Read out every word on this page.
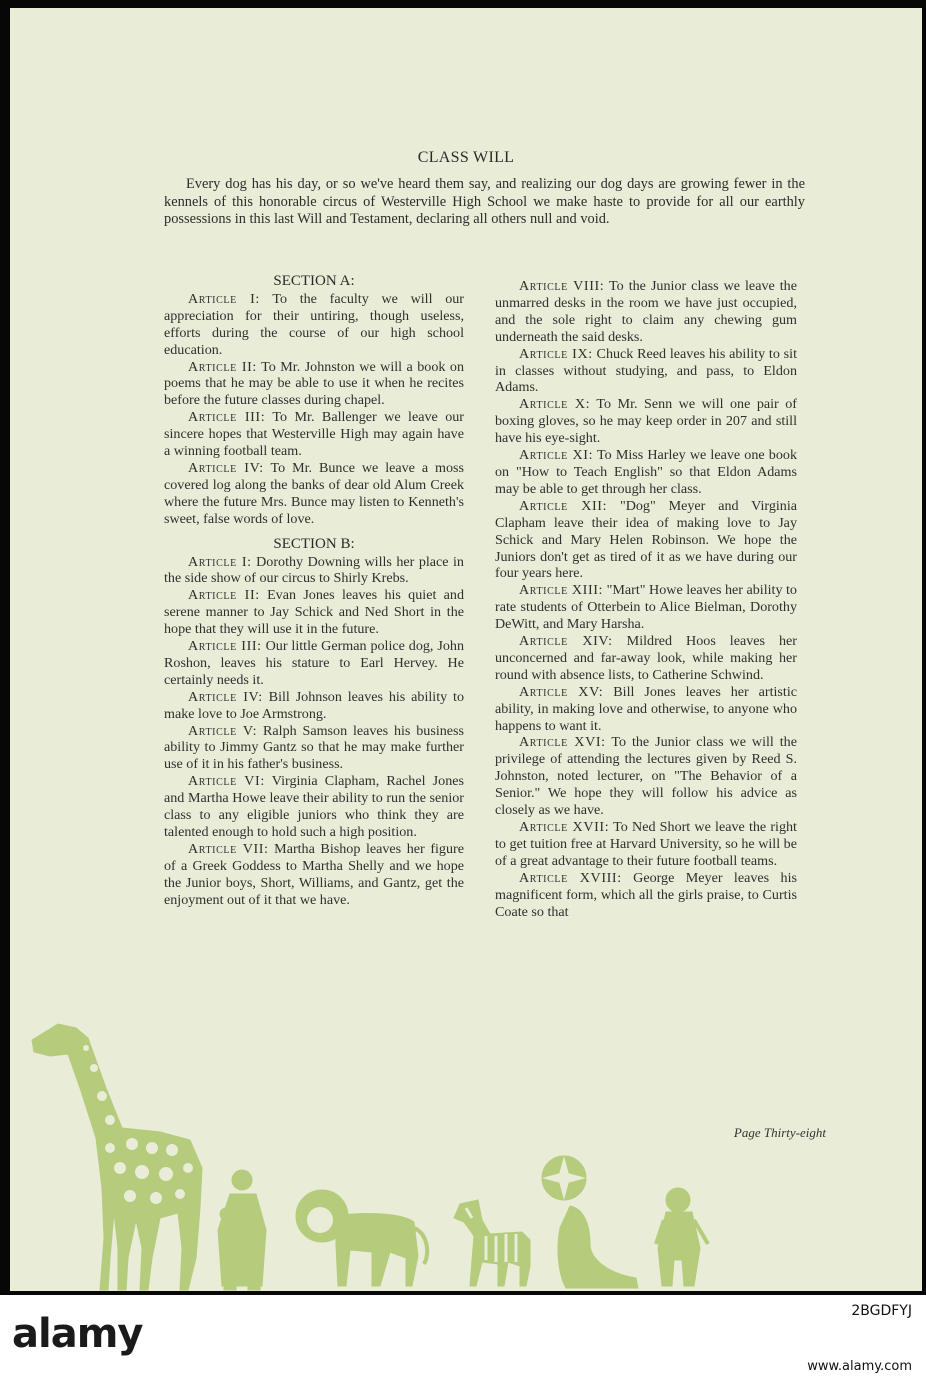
CLASS WILL

Every dog has his day, or so we've heard them say, and realizing our dog days are growing fewer in the kennels of this honorable circus of Westerville High School we make haste to provide for all our earthly possessions in this last Will and Testament, declaring all others null and void.

SECTION A:

Article I: To the faculty we will our appreciation for their untiring, though useless, efforts during the course of our high school education.

Article II: To Mr. Johnston we will a book on poems that he may be able to use it when he recites before the future classes during chapel.

Article III: To Mr. Ballenger we leave our sincere hopes that Westerville High may again have a winning football team.

Article IV: To Mr. Bunce we leave a moss covered log along the banks of dear old Alum Creek where the future Mrs. Bunce may listen to Kenneth's sweet, false words of love.

SECTION B:

Article I: Dorothy Downing wills her place in the side show of our circus to Shirly Krebs.

Article II: Evan Jones leaves his quiet and serene manner to Jay Schick and Ned Short in the hope that they will use it in the future.

Article III: Our little German police dog, John Roshon, leaves his stature to Earl Hervey. He certainly needs it.

Article IV: Bill Johnson leaves his ability to make love to Joe Armstrong.

Article V: Ralph Samson leaves his business ability to Jimmy Gantz so that he may make further use of it in his father's business.

Article VI: Virginia Clapham, Rachel Jones and Martha Howe leave their ability to run the senior class to any eligible juniors who think they are talented enough to hold such a high position.

Article VII: Martha Bishop leaves her figure of a Greek Goddess to Martha Shelly and we hope the Junior boys, Short, Williams, and Gantz, get the enjoyment out of it that we have.

Article VIII: To the Junior class we leave the unmarred desks in the room we have just occupied, and the sole right to claim any chewing gum underneath the said desks.

Article IX: Chuck Reed leaves his ability to sit in classes without studying, and pass, to Eldon Adams.

Article X: To Mr. Senn we will one pair of boxing gloves, so he may keep order in 207 and still have his eye-sight.

Article XI: To Miss Harley we leave one book on "How to Teach English" so that Eldon Adams may be able to get through her class.

Article XII: "Dog" Meyer and Virginia Clapham leave their idea of making love to Jay Schick and Mary Helen Robinson. We hope the Juniors don't get as tired of it as we have during our four years here.

Article XIII: "Mart" Howe leaves her ability to rate students of Otterbein to Alice Bielman, Dorothy DeWitt, and Mary Harsha.

Article XIV: Mildred Hoos leaves her unconcerned and far-away look, while making her round with absence lists, to Catherine Schwind.

Article XV: Bill Jones leaves her artistic ability, in making love and otherwise, to anyone who happens to want it.

Article XVI: To the Junior class we will the privilege of attending the lectures given by Reed S. Johnston, noted lecturer, on "The Behavior of a Senior." We hope they will follow his advice as closely as we have.

Article XVII: To Ned Short we leave the right to get tuition free at Harvard University, so he will be of a great advantage to their future football teams.

Article XVIII: George Meyer leaves his magnificent form, which all the girls praise, to Curtis Coate so that

Page Thirty-eight
alamy	2BGDFYJ
www.alamy.com
